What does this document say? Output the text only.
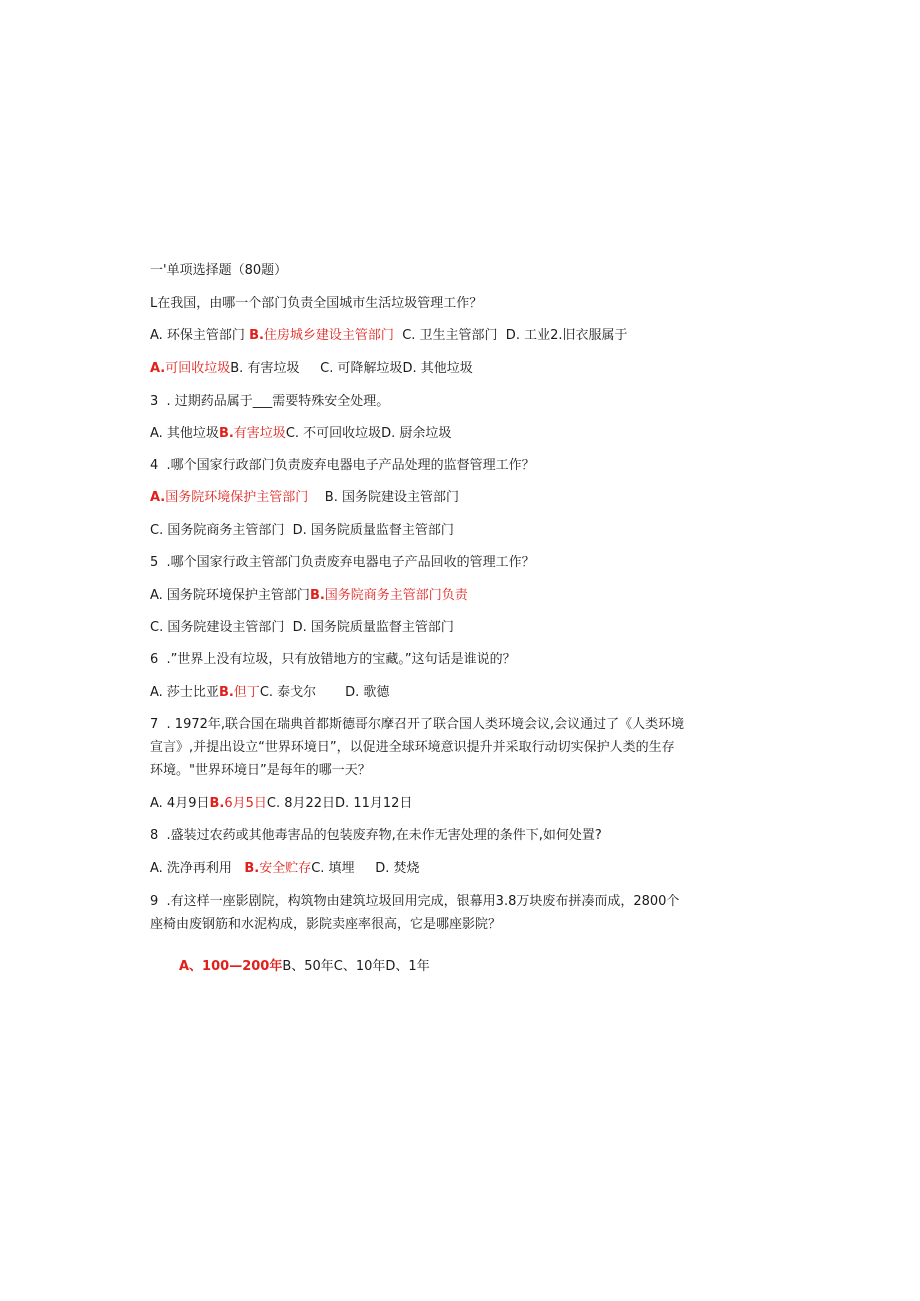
一'单项选择题（80题）
L在我国，由哪一个部门负责全国城市生活垃圾管理工作？
A. 环保主管部门 B.住房城乡建设主管部门  C. 卫生主管部门  D. 工业2.旧衣服属于
A.可回收垃圾B. 有害垃圾     C. 可降解垃圾D. 其他垃圾
3  . 过期药品属于___需要特殊安全处理。
A. 其他垃圾B.有害垃圾C. 不可回收垃圾D. 厨余垃圾
4  .哪个国家行政部门负责废弃电器电子产品处理的监督管理工作？
A.国务院环境保护主管部门    B. 国务院建设主管部门
C. 国务院商务主管部门  D. 国务院质量监督主管部门
5  .哪个国家行政主管部门负责废弃电器电子产品回收的管理工作？
A. 国务院环境保护主管部门B.国务院商务主管部门负责
C. 国务院建设主管部门  D. 国务院质量监督主管部门
6  .”世界上没有垃圾，只有放错地方的宝藏。”这句话是谁说的？
A. 莎士比亚B.但丁C. 泰戈尔       D. 歌德
7  . 1972年,联合国在瑞典首都斯德哥尔摩召开了联合国人类环境会议,会议通过了《人类环境
宣言》,并提出设立“世界环境日”，以促进全球环境意识提升并采取行动切实保护人类的生存
环境。"世界环境日”是每年的哪一天？
A. 4月9日B.6月5日C. 8月22日D. 11月12日
8  .盛装过农药或其他毒害品的包装废弃物,在未作无害处理的条件下,如何处置?
A. 洗净再利用   B.安全贮存C. 填埋     D. 焚烧
9  .有这样一座影剧院，构筑物由建筑垃圾回用完成，银幕用3.8万块废布拼凑而成，2800个
座椅由废钢筋和水泥构成，影院卖座率很高，它是哪座影院？
A、100—200年B、50年C、10年D、1年
